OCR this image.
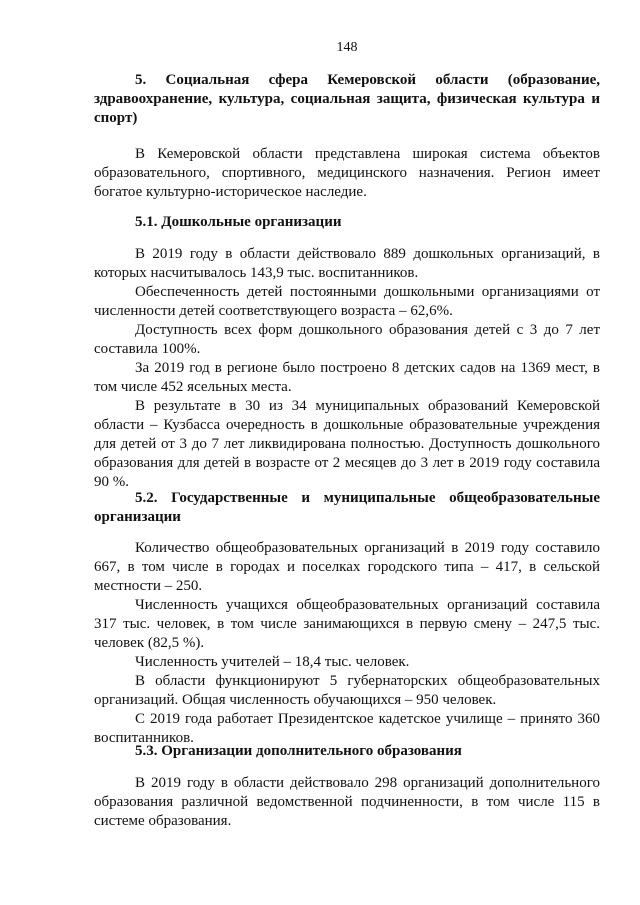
148

5. Социальная сфера Кемеровской области (образование, здравоохранение, культура, социальная защита, физическая культура и спорт)

В Кемеровской области представлена широкая система объектов образовательного, спортивного, медицинского назначения. Регион имеет богатое культурно-историческое наследие.

5.1. Дошкольные организации

В 2019 году в области действовало 889 дошкольных организаций, в которых насчитывалось 143,9 тыс. воспитанников.

Обеспеченность детей постоянными дошкольными организациями от численности детей соответствующего возраста – 62,6%.

Доступность всех форм дошкольного образования детей с 3 до 7 лет составила 100%.

За 2019 год в регионе было построено 8 детских садов на 1369 мест, в том числе 452 ясельных места.

В результате в 30 из 34 муниципальных образований Кемеровской области – Кузбасса очередность в дошкольные образовательные учреждения для детей от 3 до 7 лет ликвидирована полностью. Доступность дошкольного образования для детей в возрасте от 2 месяцев до 3 лет в 2019 году составила 90 %.

5.2. Государственные и муниципальные общеобразовательные организации

Количество общеобразовательных организаций в 2019 году составило 667, в том числе в городах и поселках городского типа – 417, в сельской местности – 250.

Численность учащихся общеобразовательных организаций составила 317 тыс. человек, в том числе занимающихся в первую смену – 247,5 тыс. человек (82,5 %).

Численность учителей – 18,4 тыс. человек.

В области функционируют 5 губернаторских общеобразовательных организаций. Общая численность обучающихся – 950 человек.

С 2019 года работает Президентское кадетское училище – принято 360 воспитанников.

5.3. Организации дополнительного образования

В 2019 году в области действовало 298 организаций дополнительного образования различной ведомственной подчиненности, в том числе 115 в системе образования.
